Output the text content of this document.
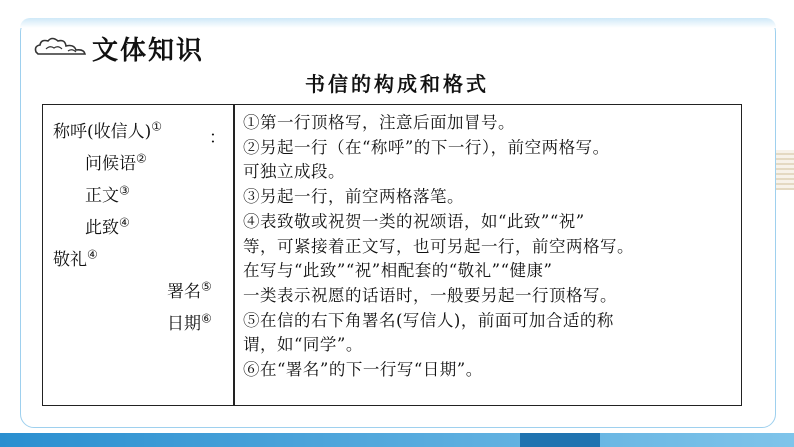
文体知识
书信的构成和格式
称呼(收信人)①
：
问候语②
正文③
此致④
敬礼④
署名⑤
日期⑥
①第一行顶格写，注意后面加冒号。
②另起一行（在“称呼”的下一行），前空两格写。
可独立成段。
③另起一行，前空两格落笔。
④表致敬或祝贺一类的祝颂语，如“此致”“祝”
等，可紧接着正文写，也可另起一行，前空两格写。
在写与“此致”“祝”相配套的“敬礼”“健康”
一类表示祝愿的话语时，一般要另起一行顶格写。
⑤在信的右下角署名(写信人)，前面可加合适的称
谓，如“同学”。
⑥在“署名”的下一行写“日期”。
